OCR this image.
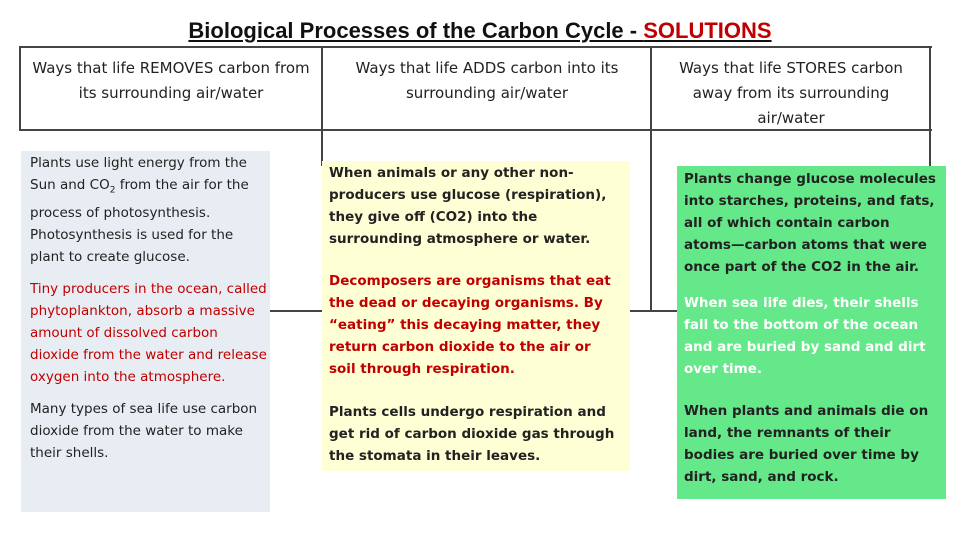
Biological Processes of the Carbon Cycle - SOLUTIONS
Ways that life REMOVES carbon from its surrounding air/water
Ways that life ADDS carbon into its surrounding air/water
Ways that life STORES carbon away from its surrounding air/water

Plants use light energy from the Sun and $CO_2$ from the air for the process of photosynthesis. Photosynthesis is used for the plant to create glucose.

Tiny producers in the ocean, called phytoplankton, absorb a massive amount of dissolved carbon dioxide from the water and release oxygen into the atmosphere.

Many types of sea life use carbon dioxide from the water to make their shells.

When animals or any other non-producers use glucose (respiration), they give off (CO2) into the surrounding atmosphere or water.

Decomposers are organisms that eat the dead or decaying organisms. By “eating” this decaying matter, they return carbon dioxide to the air or soil through respiration.

Plants cells undergo respiration and get rid of carbon dioxide gas through the stomata in their leaves.

Plants change glucose molecules into starches, proteins, and fats, all of which contain carbon atoms—carbon atoms that were once part of the CO2 in the air.

When sea life dies, their shells fall to the bottom of the ocean and are buried by sand and dirt over time.

When plants and animals die on land, the remnants of their bodies are buried over time by dirt, sand, and rock.
